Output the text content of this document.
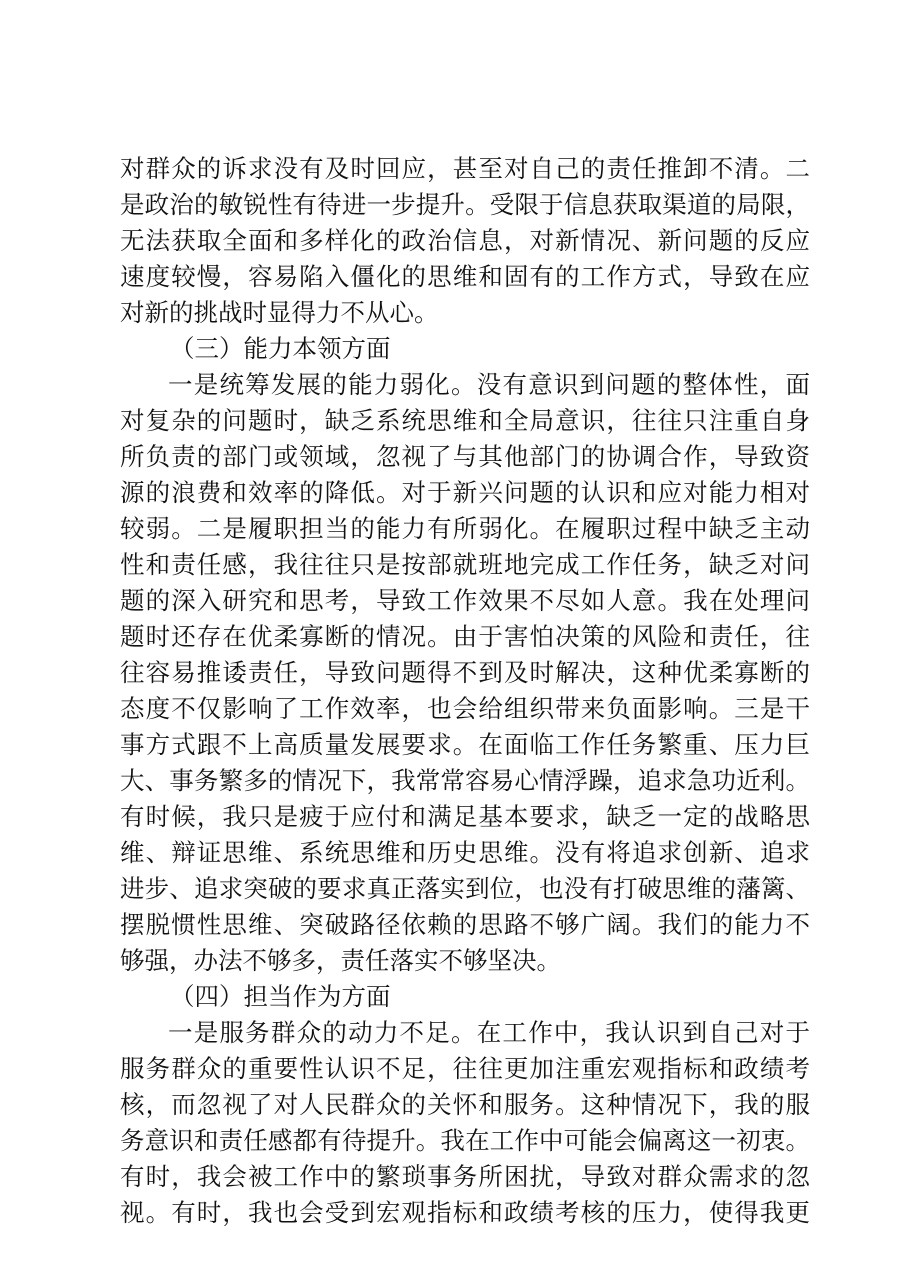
对群众的诉求没有及时回应，甚至对自己的责任推卸不清。二
是政治的敏锐性有待进一步提升。受限于信息获取渠道的局限，
无法获取全面和多样化的政治信息，对新情况、新问题的反应
速度较慢，容易陷入僵化的思维和固有的工作方式，导致在应
对新的挑战时显得力不从心。
（三）能力本领方面
一是统筹发展的能力弱化。没有意识到问题的整体性，面
对复杂的问题时，缺乏系统思维和全局意识，往往只注重自身
所负责的部门或领域，忽视了与其他部门的协调合作，导致资
源的浪费和效率的降低。对于新兴问题的认识和应对能力相对
较弱。二是履职担当的能力有所弱化。在履职过程中缺乏主动
性和责任感，我往往只是按部就班地完成工作任务，缺乏对问
题的深入研究和思考，导致工作效果不尽如人意。我在处理问
题时还存在优柔寡断的情况。由于害怕决策的风险和责任，往
往容易推诿责任，导致问题得不到及时解决，这种优柔寡断的
态度不仅影响了工作效率，也会给组织带来负面影响。三是干
事方式跟不上高质量发展要求。在面临工作任务繁重、压力巨
大、事务繁多的情况下，我常常容易心情浮躁，追求急功近利。
有时候，我只是疲于应付和满足基本要求，缺乏一定的战略思
维、辩证思维、系统思维和历史思维。没有将追求创新、追求
进步、追求突破的要求真正落实到位，也没有打破思维的藩篱、
摆脱惯性思维、突破路径依赖的思路不够广阔。我们的能力不
够强，办法不够多，责任落实不够坚决。
（四）担当作为方面
一是服务群众的动力不足。在工作中，我认识到自己对于
服务群众的重要性认识不足，往往更加注重宏观指标和政绩考
核，而忽视了对人民群众的关怀和服务。这种情况下，我的服
务意识和责任感都有待提升。我在工作中可能会偏离这一初衷。
有时，我会被工作中的繁琐事务所困扰，导致对群众需求的忽
视。有时，我也会受到宏观指标和政绩考核的压力，使得我更
